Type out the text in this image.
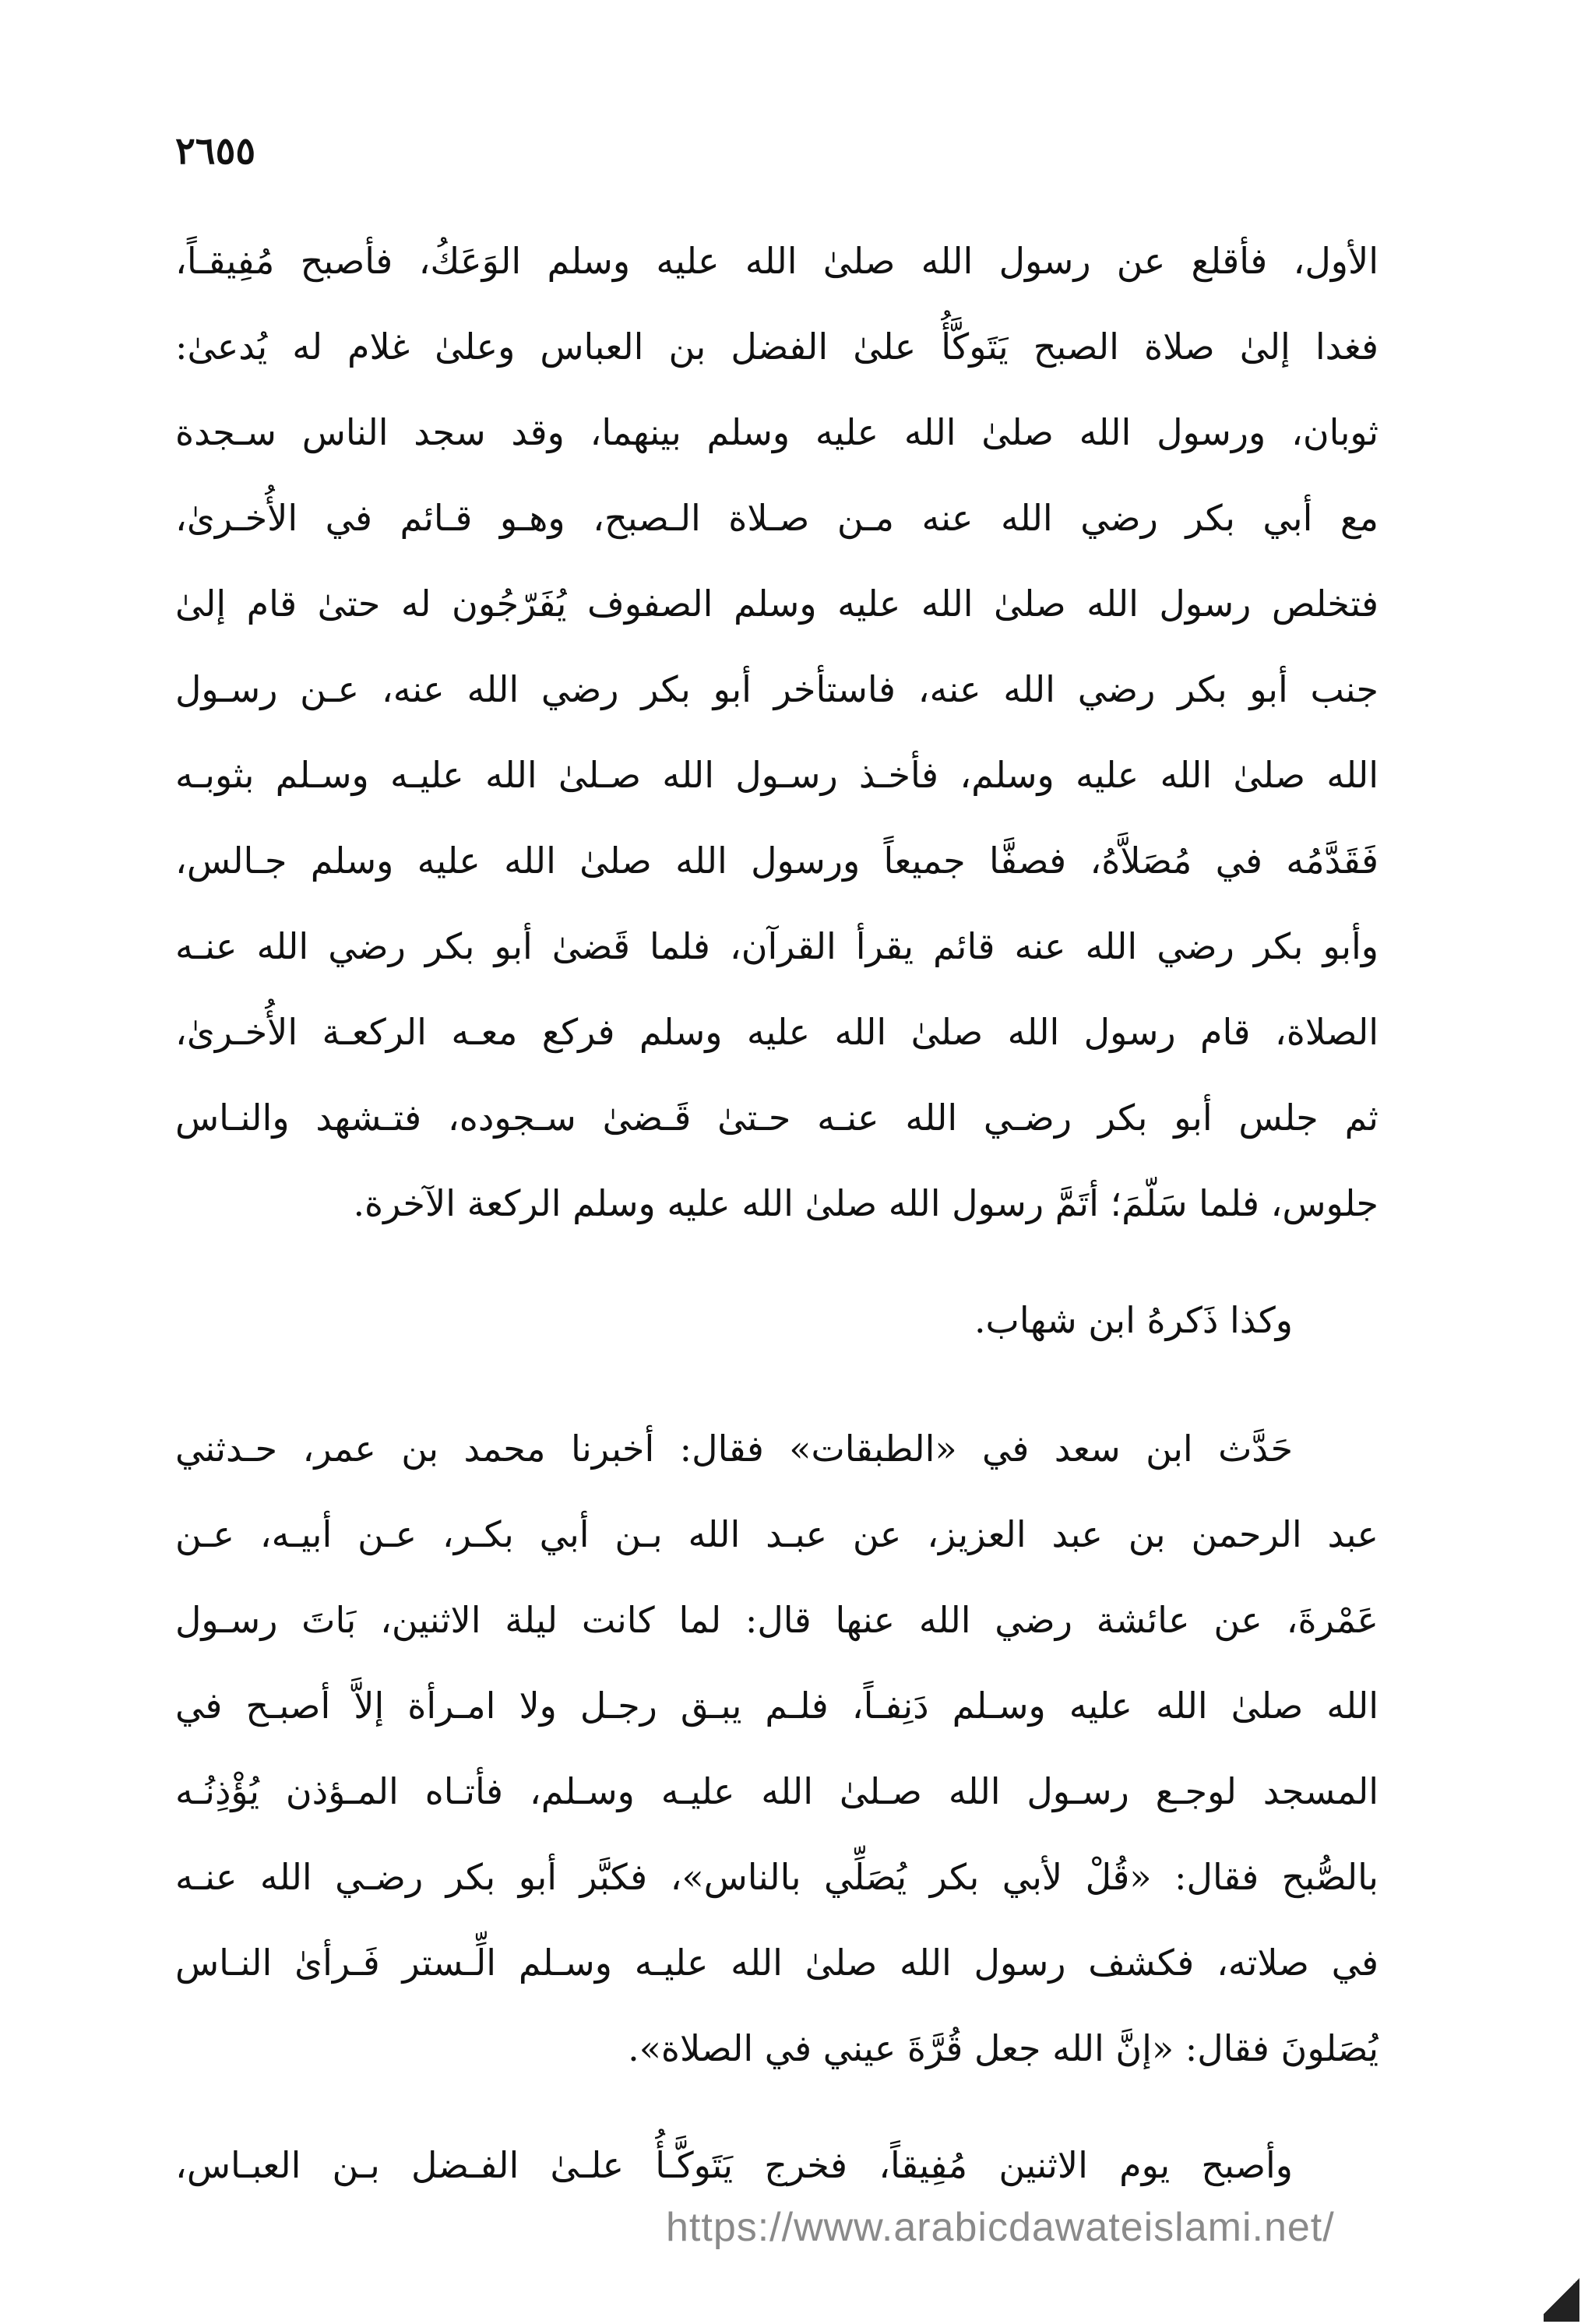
٢٦٥٥
الأول، فأقلع عن رسول الله صلىٰ الله عليه وسلم الوَعَكُ، فأصبح مُفِيقـاً،
فغدا إلىٰ صلاة الصبح يَتَوكَّأُ علىٰ الفضل بن العباس وعلىٰ غلام له يُدعىٰ:
ثوبان، ورسول الله صلىٰ الله عليه وسلم بينهما، وقد سجد الناس سـجدة
مع أبي بكر رضي الله عنه مـن صـلاة الـصبح، وهـو قـائم في الأُخـرىٰ،
فتخلص رسول الله صلىٰ الله عليه وسلم الصفوف يُفَرّجُون له حتىٰ قام إلىٰ
جنب أبو بكر رضي الله عنه، فاستأخر أبو بكر رضي الله عنه، عـن رسـول
الله صلىٰ الله عليه وسلم، فأخـذ رسـول الله صـلىٰ الله عليـه وسـلم بثوبـه
فَقَدَّمُه في مُصَلاَّهُ، فصفَّا جميعاً ورسول الله صلىٰ الله عليه وسلم جـالس،
وأبو بكر رضي الله عنه قائم يقرأ القرآن، فلما قَضىٰ أبو بكر رضي الله عنـه
الصلاة، قام رسول الله صلىٰ الله عليه وسلم فركع معـه الركعـة الأُخـرىٰ،
ثم جلس أبو بكر رضـي الله عنـه حـتىٰ قَـضىٰ سـجوده، فتـشهد والنـاس
جلوس، فلما سَلّمَ؛ أتَمَّ رسول الله صلىٰ الله عليه وسلم الركعة الآخرة.
وكذا ذَكرهُ ابن شهاب.
حَدَّث ابن سعد في «الطبقات» فقال: أخبرنا محمد بن عمر، حـدثني
عبد الرحمن بن عبد العزيز، عن عبـد الله بـن أبي بكـر، عـن أبيـه، عـن
عَمْرةَ، عن عائشة رضي الله عنها قال: لما كانت ليلة الاثنين، بَاتَ رسـول
الله صلىٰ الله عليه وسـلم دَنِفـاً، فلـم يبـق رجـل ولا امـرأة إلاَّ أصبـح في
المسجد لوجـع رسـول الله صـلىٰ الله عليـه وسـلم، فأتـاه المـؤذن يُؤْذِنُـه
بالصُّبح فقال: «قُلْ لأبي بكر يُصَلِّي بالناس»، فكبَّر أبو بكر رضـي الله عنـه
في صلاته، فكشف رسول الله صلىٰ الله عليـه وسـلم الِّـستر فَـرأىٰ النـاس
يُصَلونَ فقال: «إنَّ الله جعل قُرَّةَ عيني في الصلاة».
وأصبح يوم الاثنين مُفِيقاً، فخرج يَتَوكَّـأُ علـىٰ الفـضل بـن العبـاس،
https://www.arabicdawateislami.net/
